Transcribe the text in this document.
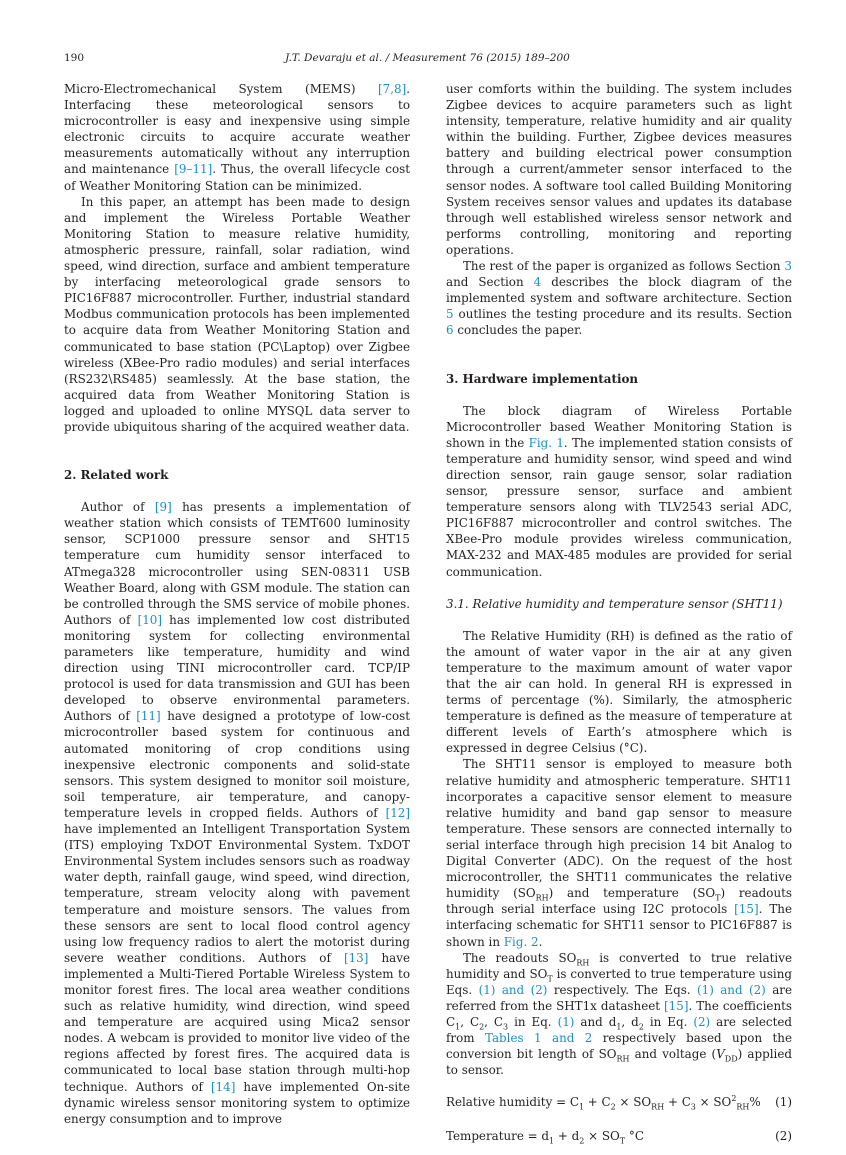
190	J.T. Devaraju et al. / Measurement 76 (2015) 189–200

Micro-Electromechanical System (MEMS) [7,8]. Interfacing these meteorological sensors to microcontroller is easy and inexpensive using simple electronic circuits to acquire accurate weather measurements automatically without any interruption and maintenance [9–11]. Thus, the overall lifecycle cost of Weather Monitoring Station can be minimized.

In this paper, an attempt has been made to design and implement the Wireless Portable Weather Monitoring Station to measure relative humidity, atmospheric pressure, rainfall, solar radiation, wind speed, wind direction, surface and ambient temperature by interfacing meteorological grade sensors to PIC16F887 microcontroller. Further, industrial standard Modbus communication protocols has been implemented to acquire data from Weather Monitoring Station and communicated to base station (PC\Laptop) over Zigbee wireless (XBee-Pro radio modules) and serial interfaces (RS232\RS485) seamlessly. At the base station, the acquired data from Weather Monitoring Station is logged and uploaded to online MYSQL data server to provide ubiquitous sharing of the acquired weather data.

2. Related work

Author of [9] has presents a implementation of weather station which consists of TEMT600 luminosity sensor, SCP1000 pressure sensor and SHT15 temperature cum humidity sensor interfaced to ATmega328 microcontroller using SEN-08311 USB Weather Board, along with GSM module. The station can be controlled through the SMS service of mobile phones. Authors of [10] has implemented low cost distributed monitoring system for collecting environmental parameters like temperature, humidity and wind direction using TINI microcontroller card. TCP/IP protocol is used for data transmission and GUI has been developed to observe environmental parameters. Authors of [11] have designed a prototype of low-cost microcontroller based system for continuous and automated monitoring of crop conditions using inexpensive electronic components and solid-state sensors. This system designed to monitor soil moisture, soil temperature, air temperature, and canopy-temperature levels in cropped fields. Authors of [12] have implemented an Intelligent Transportation System (ITS) employing TxDOT Environmental System. TxDOT Environmental System includes sensors such as roadway water depth, rainfall gauge, wind speed, wind direction, temperature, stream velocity along with pavement temperature and moisture sensors. The values from these sensors are sent to local flood control agency using low frequency radios to alert the motorist during severe weather conditions. Authors of [13] have implemented a Multi-Tiered Portable Wireless System to monitor forest fires. The local area weather conditions such as relative humidity, wind direction, wind speed and temperature are acquired using Mica2 sensor nodes. A webcam is provided to monitor live video of the regions affected by forest fires. The acquired data is communicated to local base station through multi-hop technique. Authors of [14] have implemented On-site dynamic wireless sensor monitoring system to optimize energy consumption and to improve

user comforts within the building. The system includes Zigbee devices to acquire parameters such as light intensity, temperature, relative humidity and air quality within the building. Further, Zigbee devices measures battery and building electrical power consumption through a current/ammeter sensor interfaced to the sensor nodes. A software tool called Building Monitoring System receives sensor values and updates its database through well established wireless sensor network and performs controlling, monitoring and reporting operations.

The rest of the paper is organized as follows Section 3 and Section 4 describes the block diagram of the implemented system and software architecture. Section 5 outlines the testing procedure and its results. Section 6 concludes the paper.

3. Hardware implementation

The block diagram of Wireless Portable Microcontroller based Weather Monitoring Station is shown in the Fig. 1. The implemented station consists of temperature and humidity sensor, wind speed and wind direction sensor, rain gauge sensor, solar radiation sensor, pressure sensor, surface and ambient temperature sensors along with TLV2543 serial ADC, PIC16F887 microcontroller and control switches. The XBee-Pro module provides wireless communication, MAX-232 and MAX-485 modules are provided for serial communication.

3.1. Relative humidity and temperature sensor (SHT11)

The Relative Humidity (RH) is defined as the ratio of the amount of water vapor in the air at any given temperature to the maximum amount of water vapor that the air can hold. In general RH is expressed in terms of percentage (%). Similarly, the atmospheric temperature is defined as the measure of temperature at different levels of Earth’s atmosphere which is expressed in degree Celsius (°C).

The SHT11 sensor is employed to measure both relative humidity and atmospheric temperature. SHT11 incorporates a capacitive sensor element to measure relative humidity and band gap sensor to measure temperature. These sensors are connected internally to serial interface through high precision 14 bit Analog to Digital Converter (ADC). On the request of the host microcontroller, the SHT11 communicates the relative humidity $(SO_{RH})$ and temperature $(SO_T)$ readouts through serial interface using I2C protocols [15]. The interfacing schematic for SHT11 sensor to PIC16F887 is shown in Fig. 2.

The readouts $SO_{RH}$ is converted to true relative humidity and $SO_T$ is converted to true temperature using Eqs. (1) and (2) respectively. The Eqs. (1) and (2) are referred from the SHT1x datasheet [15]. The coefficients $C_1$, $C_2$, $C_3$ in Eq. (1) and $d_1$, $d_2$ in Eq. (2) are selected from Tables 1 and 2 respectively based upon the conversion bit length of $SO_{RH}$ and voltage $(V_{DD})$ applied to sensor.

Relative humidity = $C_1 + C_2 \times SO_{RH} + C_3 \times SO^2_{RH}\%$ (1)
Temperature = $d_1 + d_2 \times SO_T$ °C	(2)
